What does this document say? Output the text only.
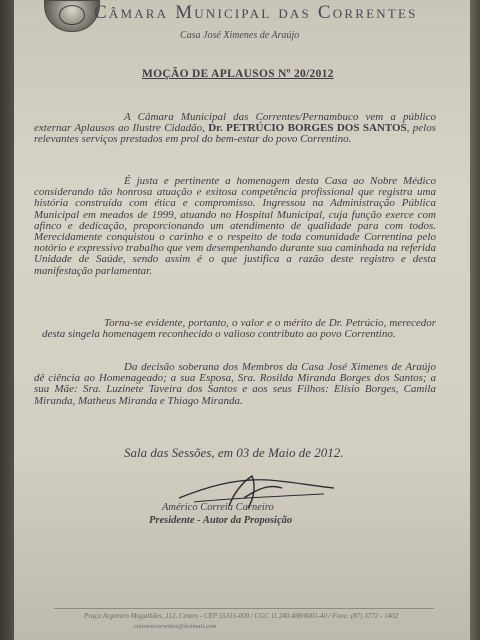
Câmara Municipal das Correntes
Casa José Ximenes de Araújo
MOÇÃO DE APLAUSOS Nº 20/2012
A Câmara Municipal das Correntes/Pernambuco vem a público externar Aplausos ao Ilustre Cidadão, Dr. PETRÚCIO BORGES DOS SANTOS, pelos relevantes serviços prestados em prol do bem-estar do povo Correntino.
É justa e pertinente a homenagem desta Casa ao Nobre Médico considerando tão honrosa atuação e exitosa competência profissional que registra uma história construída com ética e compromisso. Ingressou na Administração Pública Municipal em meados de 1999, atuando no Hospital Municipal, cuja função exerce com afinco e dedicação, proporcionando um atendimento de qualidade para com todos. Merecidamente conquistou o carinho e o respeito de toda comunidade Correntina pelo notório e expressivo trabalho que vem desempenhando durante sua caminhada na referida Unidade de Saúde, sendo assim é o que justifica a razão deste registro e desta manifestação parlamentar.
Torna-se evidente, portanto, o valor e o mérito de Dr. Petrúcio, merecedor desta singela homenagem reconhecido o valioso contributo ao povo Correntino.
Da decisão soberana dos Membros da Casa José Ximenes de Araújo dê ciência ao Homenageado; a sua Esposa, Sra. Rosilda Miranda Borges dos Santos; a sua Mãe: Sra. Luzinete Taveira dos Santos e aos seus Filhos: Elísio Borges, Camila Miranda, Matheus Miranda e Thiago Miranda.
Sala das Sessões, em 03 de Maio de 2012.
Américo Correia Carneiro
Presidente - Autor da Proposição
Praça Argemiro Magalhães, 112, Centro - CEP 55315-000 / CGC 11.240.488/0001-40 / Fone: (87) 3772 - 1402
camaracorrentes@hotmail.com
